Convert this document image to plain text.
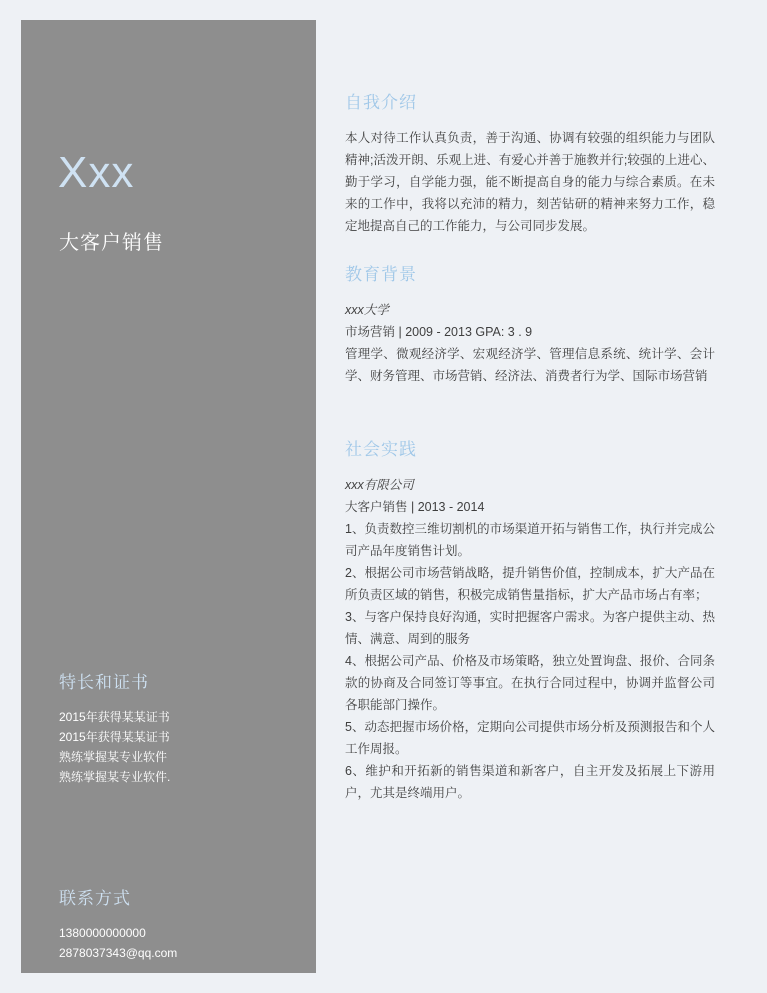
Xxx
大客户销售
特长和证书
2015年获得某某证书
2015年获得某某证书
熟练掌握某专业软件
熟练掌握某专业软件.
联系方式
1380000000000
2878037343@qq.com
自我介绍

本人对待工作认真负责，善于沟通、协调有较强的组织能力与团队精神;活泼开朗、乐观上进、有爱心并善于施教并行;较强的上进心、勤于学习，自学能力强，能不断提高自身的能力与综合素质。在未来的工作中，我将以充沛的精力，刻苦钻研的精神来努力工作，稳定地提高自己的工作能力，与公司同步发展。

教育背景
xxx大学
市场营销 | 2009 - 2013 GPA: 3 . 9

管理学、微观经济学、宏观经济学、管理信息系统、统计学、会计学、财务管理、市场营销、经济法、消费者行为学、国际市场营销

社会实践
xxx有限公司
大客户销售 | 2013 - 2014

1、负责数控三维切割机的市场渠道开拓与销售工作，执行并完成公司产品年度销售计划。

2、根据公司市场营销战略，提升销售价值，控制成本，扩大产品在所负责区域的销售，积极完成销售量指标，扩大产品市场占有率；

3、与客户保持良好沟通，实时把握客户需求。为客户提供主动、热情、满意、周到的服务

4、根据公司产品、价格及市场策略，独立处置询盘、报价、合同条款的协商及合同签订等事宜。在执行合同过程中，协调并监督公司各职能部门操作。

5、动态把握市场价格，定期向公司提供市场分析及预测报告和个人工作周报。

6、维护和开拓新的销售渠道和新客户，自主开发及拓展上下游用户，尤其是终端用户。
